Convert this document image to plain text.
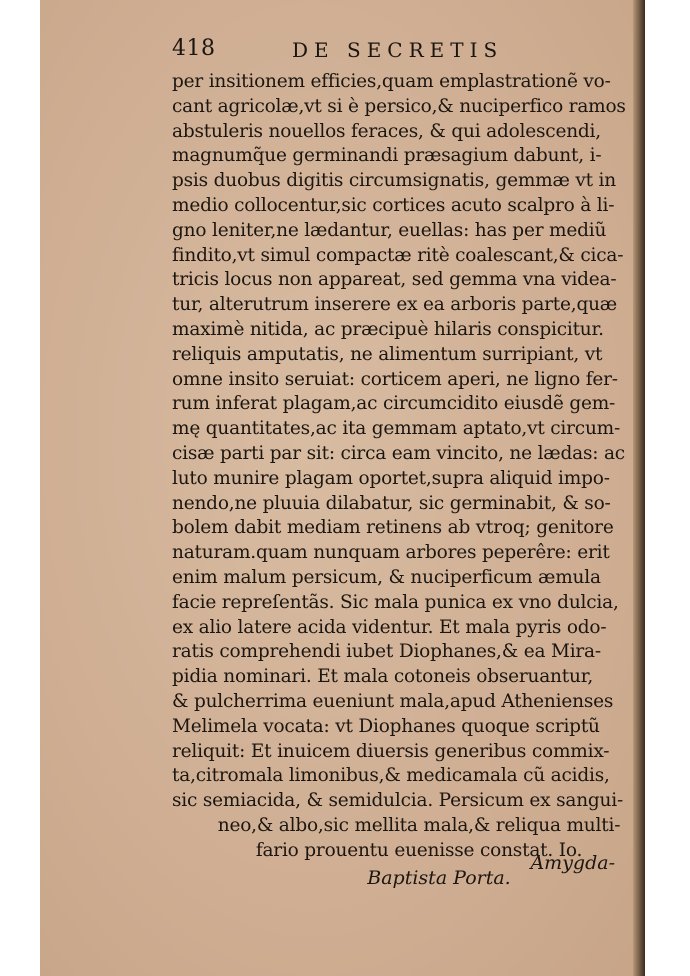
418	DE SECRETIS
per insitionem efficies,quam emplastrationẽ vo-
cant agricolæ,vt si è persico,& nuciperfico ramos
abstuleris nouellos feraces, & qui adolescendi,
magnumq̃ue germinandi præsagium dabunt, i-
psis duobus digitis circumsignatis, gemmæ vt in
medio collocentur,sic cortices acuto scalpro à li-
gno leniter,ne lædantur, euellas: has per mediũ
findito,vt simul compactæ ritè coalescant,& cica-
tricis locus non appareat, sed gemma vna videa-
tur, alterutrum inserere ex ea arboris parte,quæ
maximè nitida, ac præcipuè hilaris conspicitur.
reliquis amputatis, ne alimentum surripiant, vt
omne insito seruiat: corticem aperi, ne ligno fer-
rum inferat plagam,ac circumcidito eiusdẽ gem-
mę quantitates,ac ita gemmam aptato,vt circum-
cisæ parti par sit: circa eam vincito, ne lædas: ac
luto munire plagam oportet,supra aliquid impo-
nendo,ne pluuia dilabatur, sic germinabit, & so-
bolem dabit mediam retinens ab vtroq; genitore
naturam.quam nunquam arbores peperêre: erit
enim malum persicum, & nuciperficum æmula
facie repreſentãs. Sic mala punica ex vno dulcia,
ex alio latere acida videntur. Et mala pyris odo-
ratis comprehendi iubet Diophanes,& ea Mira-
pidia nominari. Et mala cotoneis obseruantur,
& pulcherrima eueniunt mala,apud Athenienses
Melimela vocata: vt Diophanes quoque scriptũ
reliquit: Et inuicem diuersis generibus commix-
ta,citromala limonibus,& medicamala cũ acidis,
sic semiacida, & semidulcia. Persicum ex sangui-
neo,& albo,sic mellita mala,& reliqua multi-
fario prouentu euenisse constat. Io.
Baptista Porta.
Amygda-
